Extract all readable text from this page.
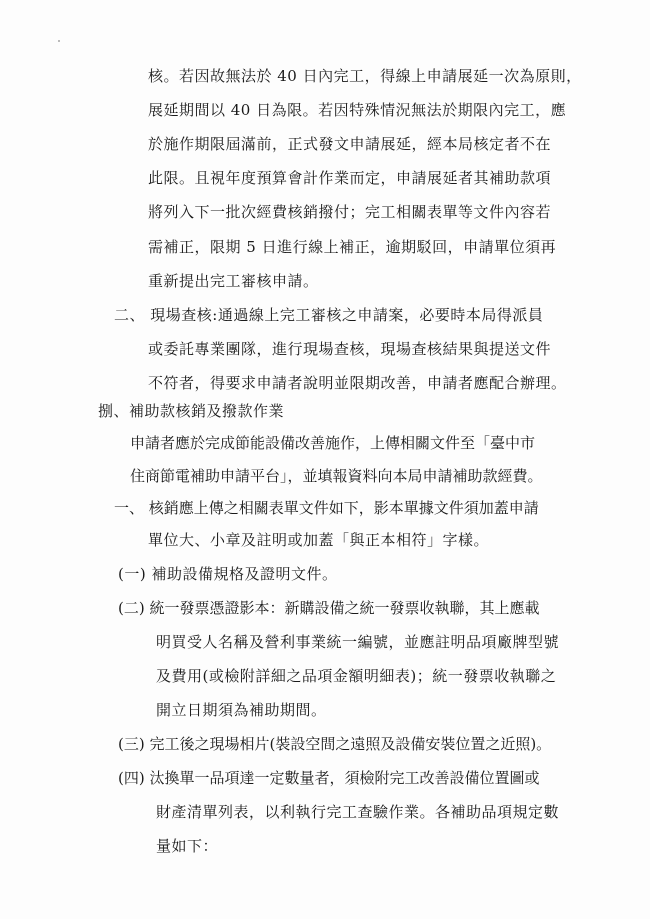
核。若因故無法於 40 日內完工，得線上申請展延一次為原則，
展延期間以 40 日為限。若因特殊情況無法於期限內完工，應
於施作期限屆滿前，正式發文申請展延，經本局核定者不在
此限。且視年度預算會計作業而定，申請展延者其補助款項
將列入下一批次經費核銷撥付；完工相關表單等文件內容若
需補正，限期 5 日進行線上補正，逾期駁回，申請單位須再
重新提出完工審核申請。
二、 現場查核:通過線上完工審核之申請案，必要時本局得派員
或委託專業團隊，進行現場查核，現場查核結果與提送文件
不符者，得要求申請者說明並限期改善，申請者應配合辦理。
捌、補助款核銷及撥款作業
申請者應於完成節能設備改善施作，上傳相關文件至「臺中市
住商節電補助申請平台」，並填報資料向本局申請補助款經費。
一、 核銷應上傳之相關表單文件如下，影本單據文件須加蓋申請
單位大、小章及註明或加蓋「與正本相符」字樣。
(一) 補助設備規格及證明文件。
(二) 統一發票憑證影本：新購設備之統一發票收執聯，其上應載
明買受人名稱及營利事業統一編號，並應註明品項廠牌型號
及費用(或檢附詳細之品項金額明細表)；統一發票收執聯之
開立日期須為補助期間。
(三) 完工後之現場相片(裝設空間之遠照及設備安裝位置之近照)。
(四) 汰換單一品項達一定數量者，須檢附完工改善設備位置圖或
財產清單列表，以利執行完工查驗作業。各補助品項規定數
量如下：
